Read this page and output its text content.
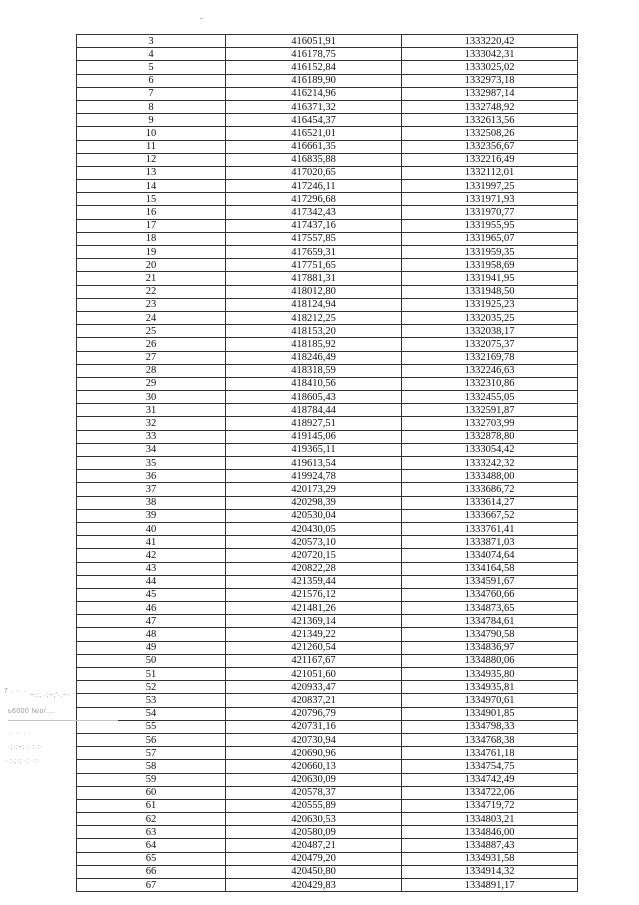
3	416051,91	1333220,42
4	416178,75	1333042,31
5	416152,84	1333025,02
6	416189,90	1332973,18
7	416214,96	1332987,14
8	416371,32	1332748,92
9	416454,37	1332613,56
10	416521,01	1332508,26
11	416661,35	1332356,67
12	416835,88	1332216,49
13	417020,65	1332112,01
14	417246,11	1331997,25
15	417296,68	1331971,93
16	417342,43	1331970,77
17	417437,16	1331955,95
18	417557,85	1331965,07
19	417659,31	1331959,35
20	417751,65	1331958,69
21	417881,31	1331941,95
22	418012,80	1331948,50
23	418124,94	1331925,23
24	418212,25	1332035,25
25	418153,20	1332038,17
26	418185,92	1332075,37
27	418246,49	1332169,78
28	418318,59	1332246,63
29	418410,56	1332310,86
30	418605,43	1332455,05
31	418784,44	1332591,87
32	418927,51	1332703,99
33	419145,06	1332878,80
34	419365,11	1333054,42
35	419613,54	1333242,32
36	419924,78	1333488,00
37	420173,29	1333686,72
38	420298,39	1333614,27
39	420530,04	1333667,52
40	420430,05	1333761,41
41	420573,10	1333871,03
42	420720,15	1334074,64
43	420822,28	1334164,58
44	421359,44	1334591,67
45	421576,12	1334760,66
46	421481,26	1334873,65
47	421369,14	1334784,61
48	421349,22	1334790,58
49	421260,54	1334836,97
50	421167,67	1334880,06
51	421051,60	1334935,80
52	420933,47	1334935,81
53	420837,21	1334970,61
54	420796,79	1334901,85
55	420731,16	1334798,33
56	420730,94	1334768,38
57	420690,96	1334761,18
58	420660,13	1334754,75
59	420630,09	1334742,49
60	420578,37	1334722,06
61	420555,89	1334719,72
62	420630,53	1334803,21
63	420580,09	1334846,00
64	420487,21	1334887,43
65	420479,20	1334931,58
66	420450,80	1334914,32
67	420429,83	1334891,17
7 · ·· ·
~.:, ·;~;'·.~·
ь6000 №о/....
·· ·· · ·
·;·:~;·: :·:·
··:·;·; ·: ·:·
